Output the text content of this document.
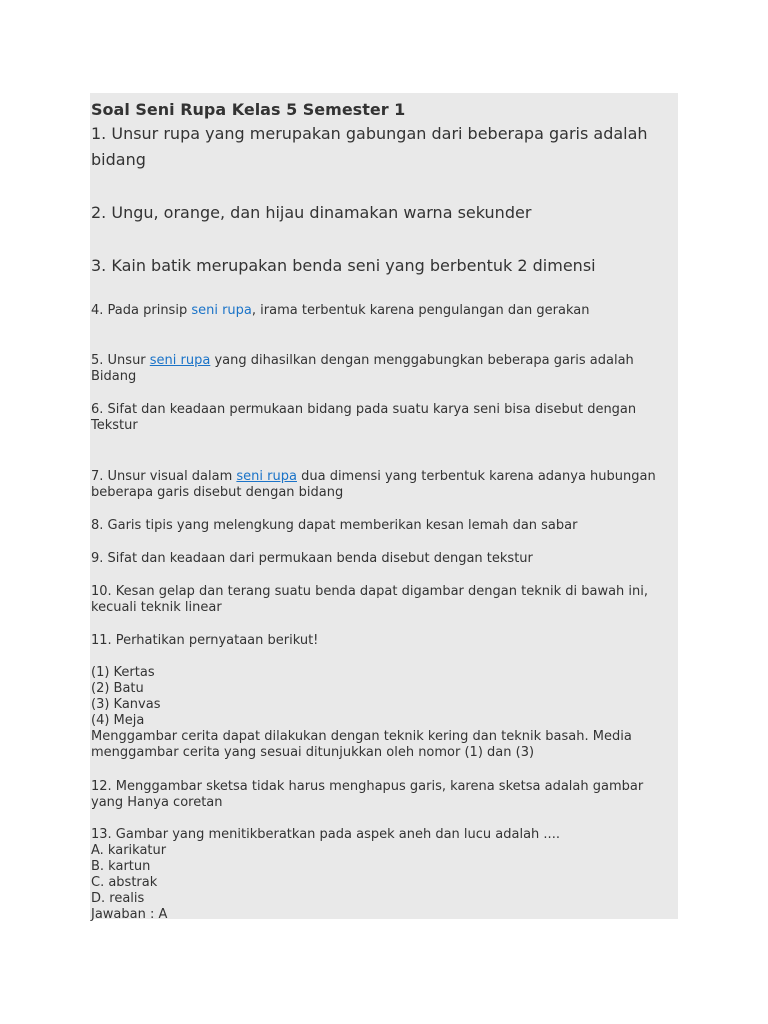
Soal Seni Rupa Kelas 5 Semester 1

1. Unsur rupa yang merupakan gabungan dari beberapa garis adalah bidang

2. Ungu, orange, dan hijau dinamakan warna sekunder

3. Kain batik merupakan benda seni yang berbentuk 2 dimensi

4. Pada prinsip seni rupa, irama terbentuk karena pengulangan dan gerakan

5. Unsur seni rupa yang dihasilkan dengan menggabungkan beberapa garis adalah Bidang

6. Sifat dan keadaan permukaan bidang pada suatu karya seni bisa disebut dengan Tekstur

7. Unsur visual dalam seni rupa dua dimensi yang terbentuk karena adanya hubungan beberapa garis disebut dengan bidang

8. Garis tipis yang melengkung dapat memberikan kesan lemah dan sabar

9. Sifat dan keadaan dari permukaan benda disebut dengan tekstur

10. Kesan gelap dan terang suatu benda dapat digambar dengan teknik di bawah ini, kecuali teknik linear

11. Perhatikan pernyataan berikut!

(1) Kertas
(2) Batu
(3) Kanvas
(4) Meja

Menggambar cerita dapat dilakukan dengan teknik kering dan teknik basah. Media menggambar cerita yang sesuai ditunjukkan oleh nomor (1) dan (3)

12. Menggambar sketsa tidak harus menghapus garis, karena sketsa adalah gambar yang Hanya coretan

13. Gambar yang menitikberatkan pada aspek aneh dan lucu adalah ....
A. karikatur
B. kartun
C. abstrak
D. realis
Jawaban : A
